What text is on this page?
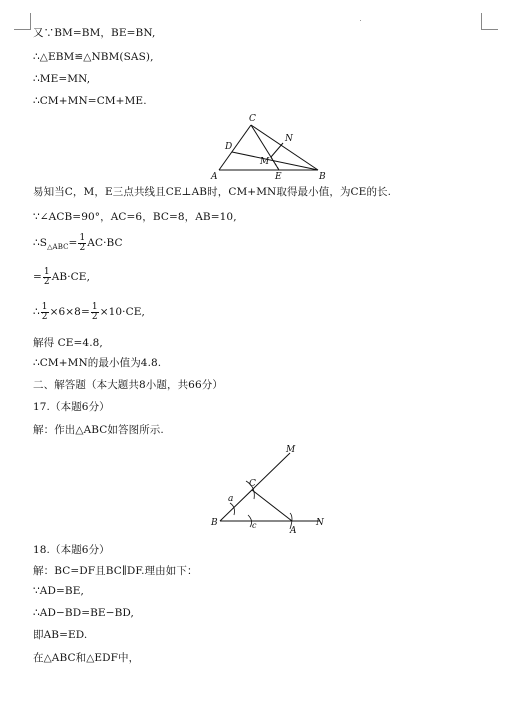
又∵BM=BM，BE=BN,
∴△EBM≌△NBM(SAS),
∴ME=MN,
∴CM+MN=CM+ME.
C
N
D
M
A	E	B
易知当C，M，E三点共线且CE⊥AB时，CM+MN取得最小值，为CE的长.
∵∠ACB=90°，AC=6，BC=8，AB=10,
$\therefore S_{\triangle ABC}= \frac{1}{2} AC\cdot BC$
= $\frac{1}{2} AB\cdot CE$,
∴ $\frac{1}{2} \times 6\times 8= \frac{1}{2} \times 10\cdot CE$,
解得 CE=4.8,
∴CM+MN的最小值为4.8.
二、解答题（本大题共8小题，共66分）
17.（本题6分）
解：作出△ABC如答图所示.
M
C
a
B	c
A
N
18.（本题6分）
解：BC=DF且BC∥DF.理由如下：
∵AD=BE,
∴AD−BD=BE−BD,
即AB=ED.
在△ABC和△EDF中，
